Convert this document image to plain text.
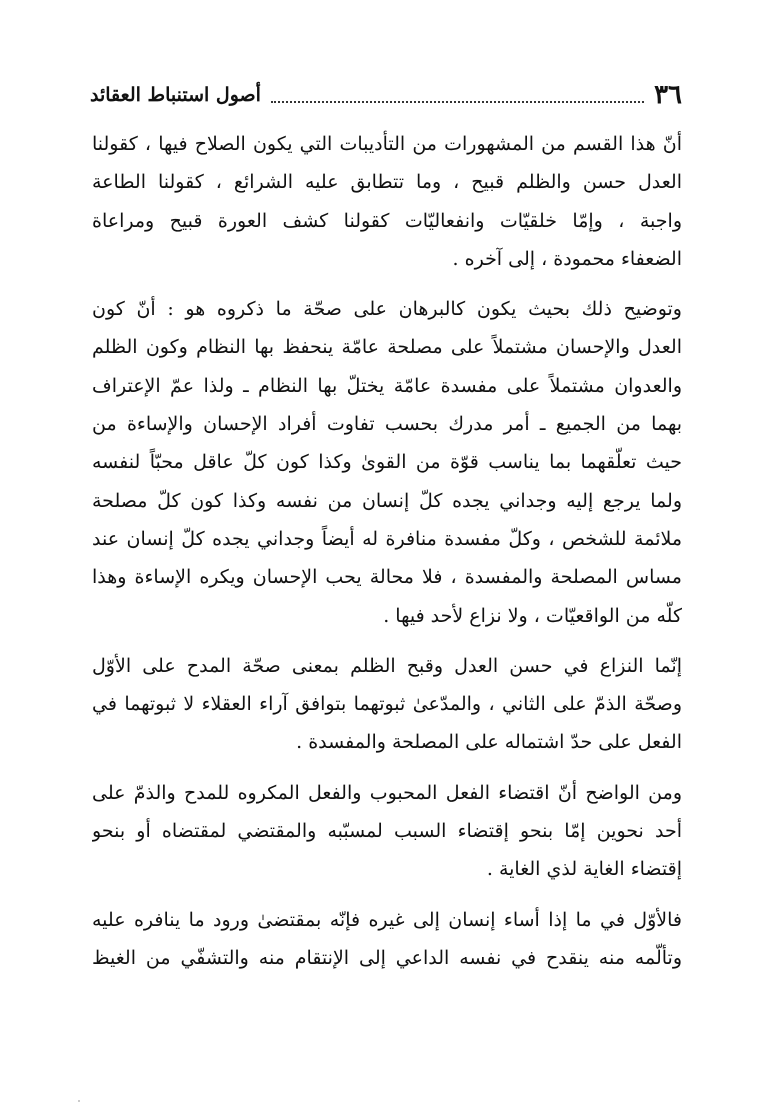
٣٦
أصول استنباط العقائد
أنّ هذا القسم من المشهورات من التأديبات التي يكون الصلاح فيها ، كقولنا
العدل حسن والظلم قبيح ، وما تتطابق عليه الشرائع ، كقولنا الطاعة
واجبة ، وإمّا خلقيّات وانفعاليّات كقولنا كشف العورة قبيح ومراعاة
الضعفاء محمودة ، إلى آخره .
وتوضيح ذلك بحيث يكون كالبرهان على صحّة ما ذكروه هو : أنّ كون
العدل والإحسان مشتملاً على مصلحة عامّة ينحفظ بها النظام وكون الظلم
والعدوان مشتملاً على مفسدة عامّة يختلّ بها النظام ـ ولذا عمّ الإعتراف
بهما من الجميع ـ أمر مدرك بحسب تفاوت أفراد الإحسان والإساءة من
حيث تعلّقهما بما يناسب قوّة من القوىٰ وكذا كون كلّ عاقل محبّاً لنفسه
ولما يرجع إليه وجداني يجده كلّ إنسان من نفسه وكذا كون كلّ مصلحة
ملائمة للشخص ، وكلّ مفسدة منافرة له أيضاً وجداني يجده كلّ إنسان عند
مساس المصلحة والمفسدة ، فلا محالة يحب الإحسان ويكره الإساءة وهذا
كلّه من الواقعيّات ، ولا نزاع لأحد فيها .
إنّما النزاع في حسن العدل وقبح الظلم بمعنى صحّة المدح على الأوّل
وصحّة الذمّ على الثاني ، والمدّعىٰ ثبوتهما بتوافق آراء العقلاء لا ثبوتهما في
الفعل على حدّ اشتماله على المصلحة والمفسدة .
ومن الواضح أنّ اقتضاء الفعل المحبوب والفعل المكروه للمدح والذمّ على
أحد نحوين إمّا بنحو إقتضاء السبب لمسبّبه والمقتضي لمقتضاه أو بنحو
إقتضاء الغاية لذي الغاية .
فالأوّل في ما إذا أساء إنسان إلى غيره فإنّه بمقتضىٰ ورود ما ينافره عليه
وتألّمه منه ينقدح في نفسه الداعي إلى الإنتقام منه والتشفّي من الغيظ
